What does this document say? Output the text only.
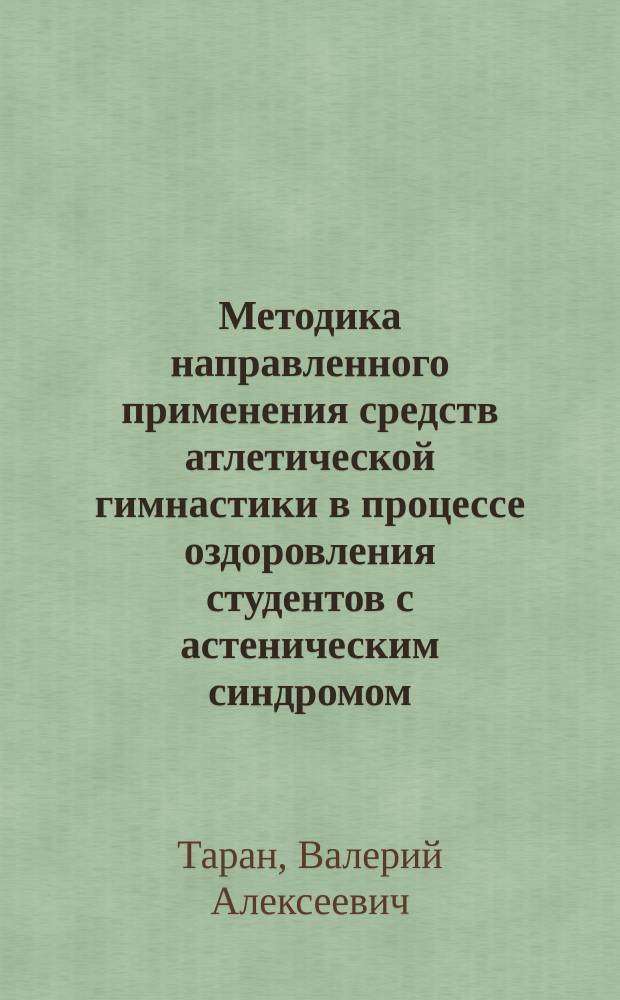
Методика
направленного
применения средств
атлетической
гимнастики в процессе
оздоровления
студентов с
астеническим
синдромом
Таран, Валерий
Алексеевич
